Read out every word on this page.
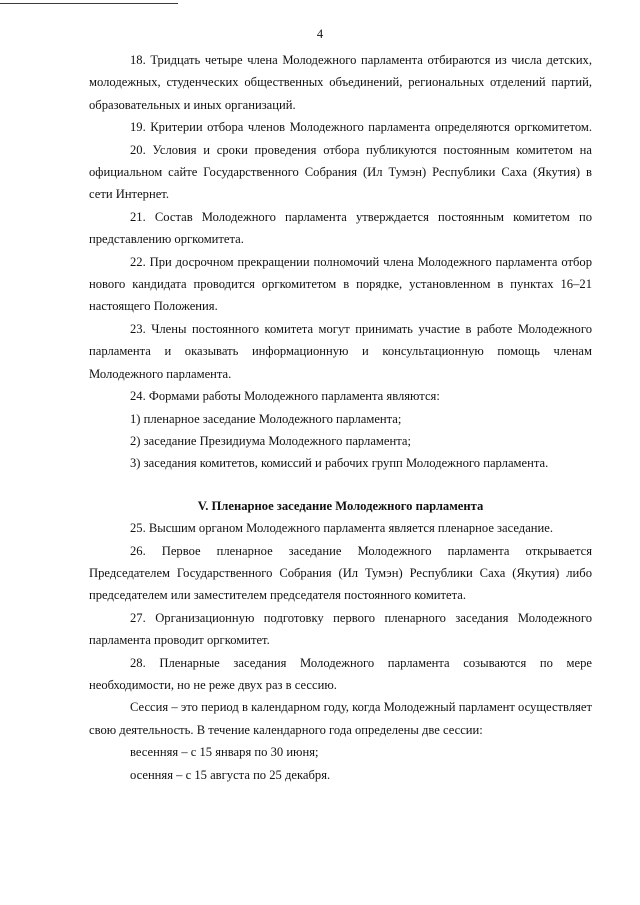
4

18. Тридцать четыре члена Молодежного парламента отбираются из числа детских, молодежных, студенческих общественных объединений, региональных отделений партий, образовательных и иных организаций.

19. Критерии отбора членов Молодежного парламента определяются оргкомитетом.

20. Условия и сроки проведения отбора публикуются постоянным комитетом на официальном сайте Государственного Собрания (Ил Тумэн) Республики Саха (Якутия) в сети Интернет.

21. Состав Молодежного парламента утверждается постоянным комитетом по представлению оргкомитета.

22. При досрочном прекращении полномочий члена Молодежного парламента отбор нового кандидата проводится оргкомитетом в порядке, установленном в пунктах 16–21 настоящего Положения.

23. Члены постоянного комитета могут принимать участие в работе Молодежного парламента и оказывать информационную и консультационную помощь членам Молодежного парламента.

24. Формами работы Молодежного парламента являются:

1) пленарное заседание Молодежного парламента;

2) заседание Президиума Молодежного парламента;

3) заседания комитетов, комиссий и рабочих групп Молодежного парламента.

V. Пленарное заседание Молодежного парламента

25. Высшим органом Молодежного парламента является пленарное заседание.

26. Первое пленарное заседание Молодежного парламента открывается Председателем Государственного Собрания (Ил Тумэн) Республики Саха (Якутия) либо председателем или заместителем председателя постоянного комитета.

27. Организационную подготовку первого пленарного заседания Молодежного парламента проводит оргкомитет.

28. Пленарные заседания Молодежного парламента созываются по мере необходимости, но не реже двух раз в сессию.

Сессия – это период в календарном году, когда Молодежный парламент осуществляет свою деятельность. В течение календарного года определены две сессии:

весенняя – с 15 января по 30 июня;

осенняя – с 15 августа по 25 декабря.
